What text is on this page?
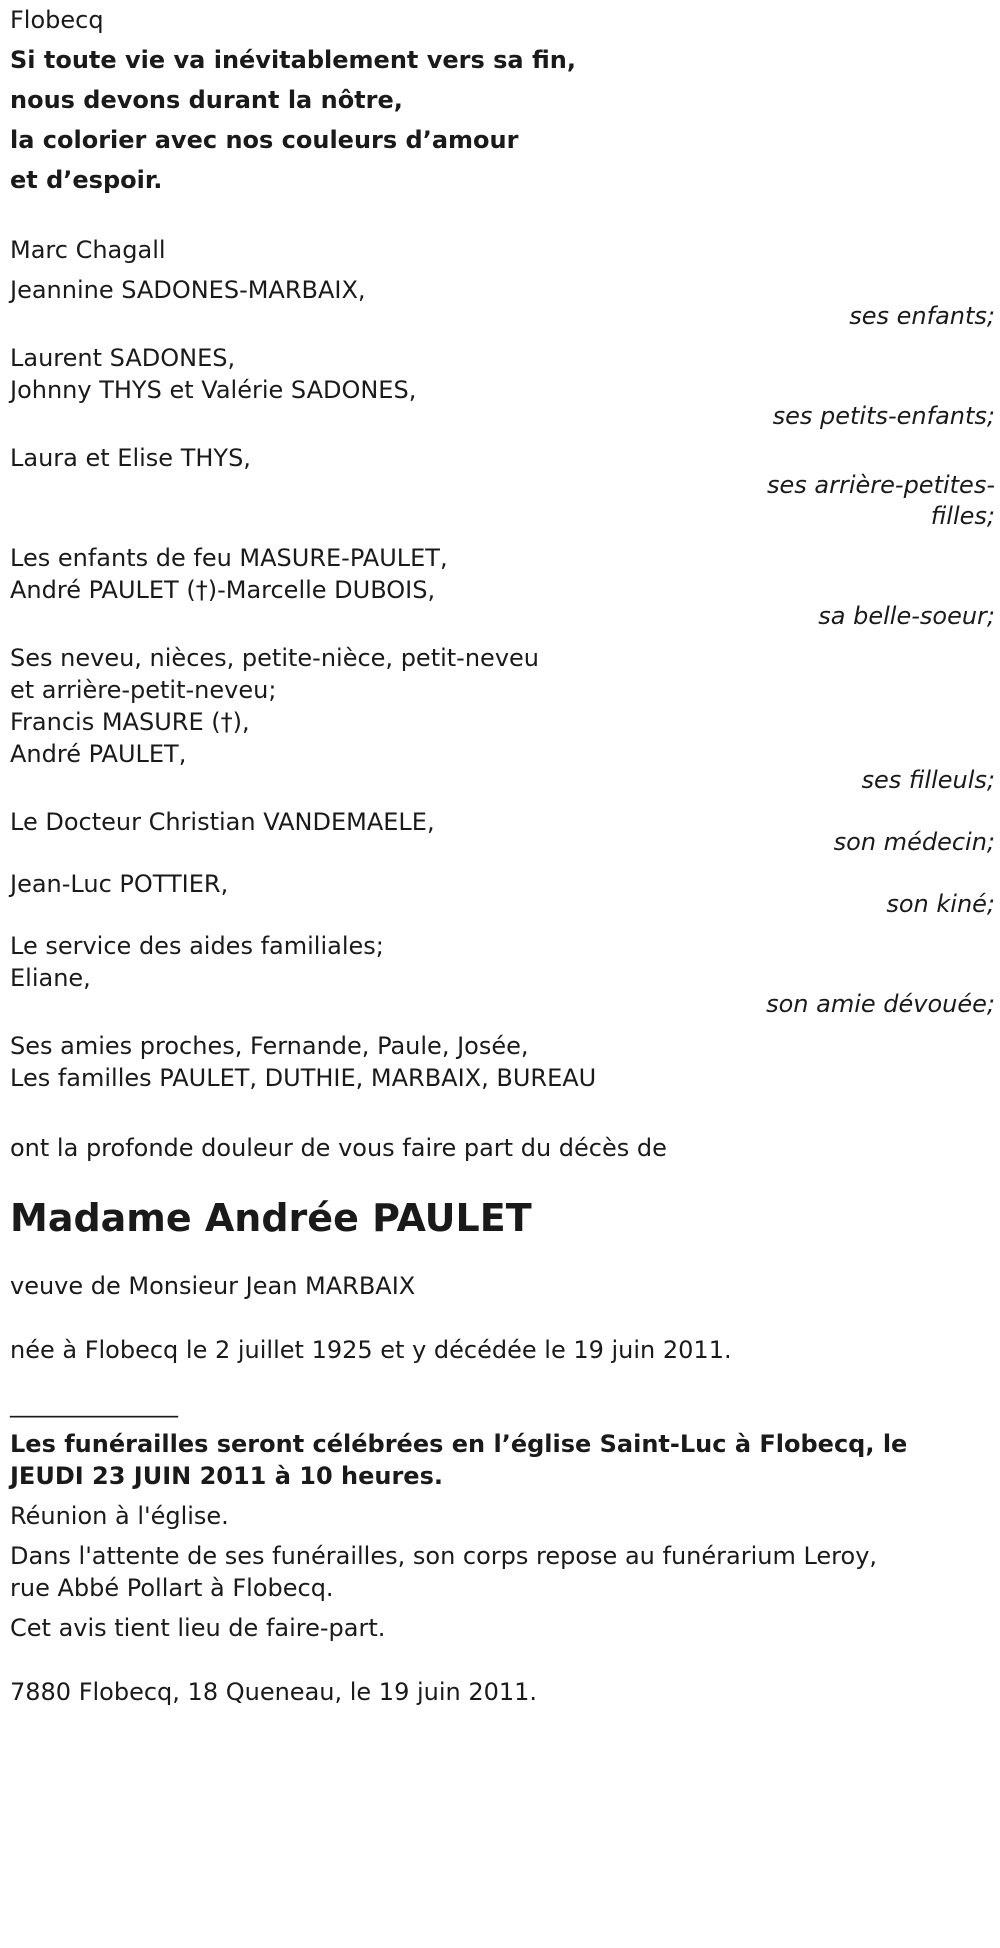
Flobecq
Si toute vie va inévitablement vers sa fin,
nous devons durant la nôtre,
la colorier avec nos couleurs d’amour
et d’espoir.
Marc Chagall
Jeannine SADONES-MARBAIX,
ses enfants;
Laurent SADONES,
Johnny THYS et Valérie SADONES,
ses petits-enfants;
Laura et Elise THYS,
ses arrière-petites-
filles;
Les enfants de feu MASURE-PAULET,
André PAULET (†)-Marcelle DUBOIS,
sa belle-soeur;
Ses neveu, nièces, petite-nièce, petit-neveu
et arrière-petit-neveu;
Francis MASURE (†),
André PAULET,
ses filleuls;
Le Docteur Christian VANDEMAELE,
son médecin;
Jean-Luc POTTIER,
son kiné;
Le service des aides familiales;
Eliane,
son amie dévouée;
Ses amies proches, Fernande, Paule, Josée,
Les familles PAULET, DUTHIE, MARBAIX, BUREAU
ont la profonde douleur de vous faire part du décès de
Madame Andrée PAULET
veuve de Monsieur Jean MARBAIX
née à Flobecq le 2 juillet 1925 et y décédée le 19 juin 2011.
______________
Les funérailles seront célébrées en l’église Saint-Luc à Flobecq, le
JEUDI 23 JUIN 2011 à 10 heures.
Réunion à l'église.
Dans l'attente de ses funérailles, son corps repose au funérarium Leroy,
rue Abbé Pollart à Flobecq.
Cet avis tient lieu de faire-part.
7880 Flobecq, 18 Queneau, le 19 juin 2011.
